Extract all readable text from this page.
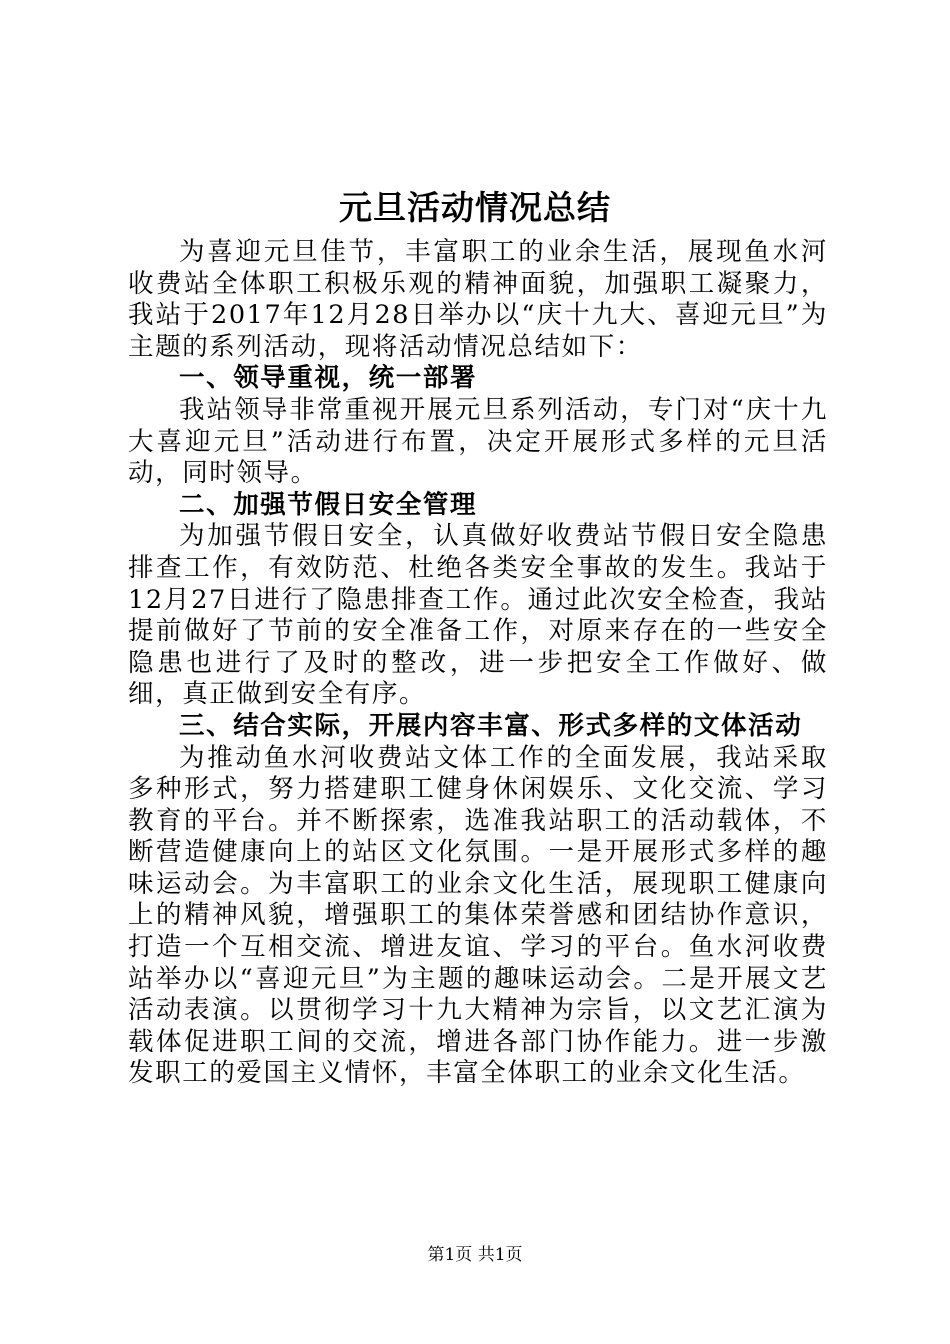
元旦活动情况总结

为喜迎元旦佳节，丰富职工的业余生活，展现鱼水河收费站全体职工积极乐观的精神面貌，加强职工凝聚力，我站于2017年12月28日举办以“庆十九大、喜迎元旦”为主题的系列活动，现将活动情况总结如下：

一、领导重视，统一部署

我站领导非常重视开展元旦系列活动，专门对“庆十九大喜迎元旦”活动进行布置，决定开展形式多样的元旦活动，同时领导。

二、加强节假日安全管理

为加强节假日安全，认真做好收费站节假日安全隐患排查工作，有效防范、杜绝各类安全事故的发生。我站于12月27日进行了隐患排查工作。通过此次安全检查，我站提前做好了节前的安全准备工作，对原来存在的一些安全隐患也进行了及时的整改，进一步把安全工作做好、做细，真正做到安全有序。

三、结合实际，开展内容丰富、形式多样的文体活动

为推动鱼水河收费站文体工作的全面发展，我站采取多种形式，努力搭建职工健身休闲娱乐、文化交流、学习教育的平台。并不断探索，选准我站职工的活动载体，不断营造健康向上的站区文化氛围。一是开展形式多样的趣味运动会。为丰富职工的业余文化生活，展现职工健康向上的精神风貌，增强职工的集体荣誉感和团结协作意识，打造一个互相交流、增进友谊、学习的平台。鱼水河收费站举办以“喜迎元旦”为主题的趣味运动会。二是开展文艺活动表演。以贯彻学习十九大精神为宗旨，以文艺汇演为载体促进职工间的交流，增进各部门协作能力。进一步激发职工的爱国主义情怀，丰富全体职工的业余文化生活。

第1页 共1页
